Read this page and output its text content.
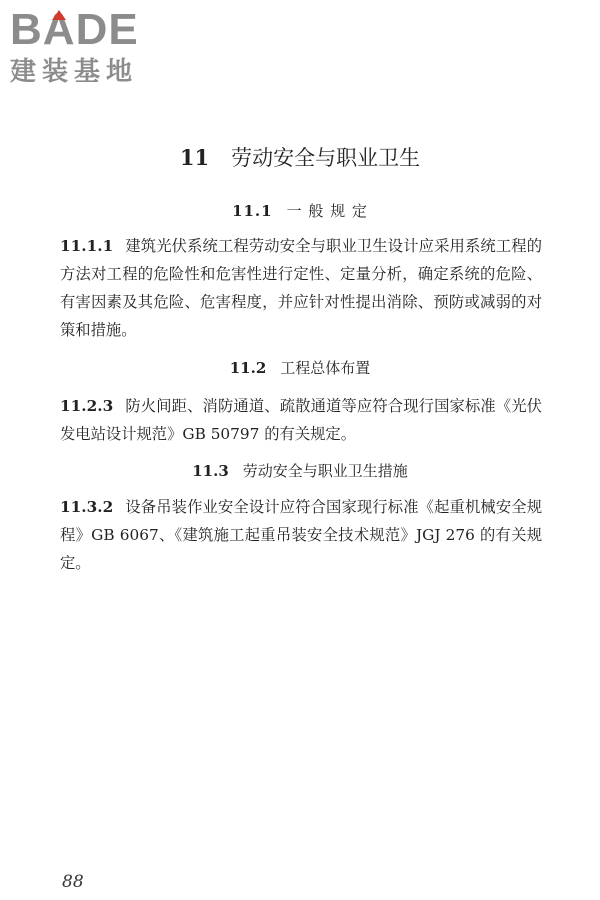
BA
DE
建装基地
11 劳动安全与职业卫生
11.1 一 般 规 定
11.1.1 建筑光伏系统工程劳动安全与职业卫生设计应采用系统工程的方法对工程的危险性和危害性进行定性、定量分析，确定系统的危险、有害因素及其危险、危害程度，并应针对性提出消除、预防或减弱的对策和措施。
11.2 工程总体布置
11.2.3 防火间距、消防通道、疏散通道等应符合现行国家标准《光伏发电站设计规范》GB 50797 的有关规定。
11.3 劳动安全与职业卫生措施
11.3.2 设备吊装作业安全设计应符合国家现行标准《起重机械安全规程》GB 6067、《建筑施工起重吊装安全技术规范》JGJ 276 的有关规定。
88
